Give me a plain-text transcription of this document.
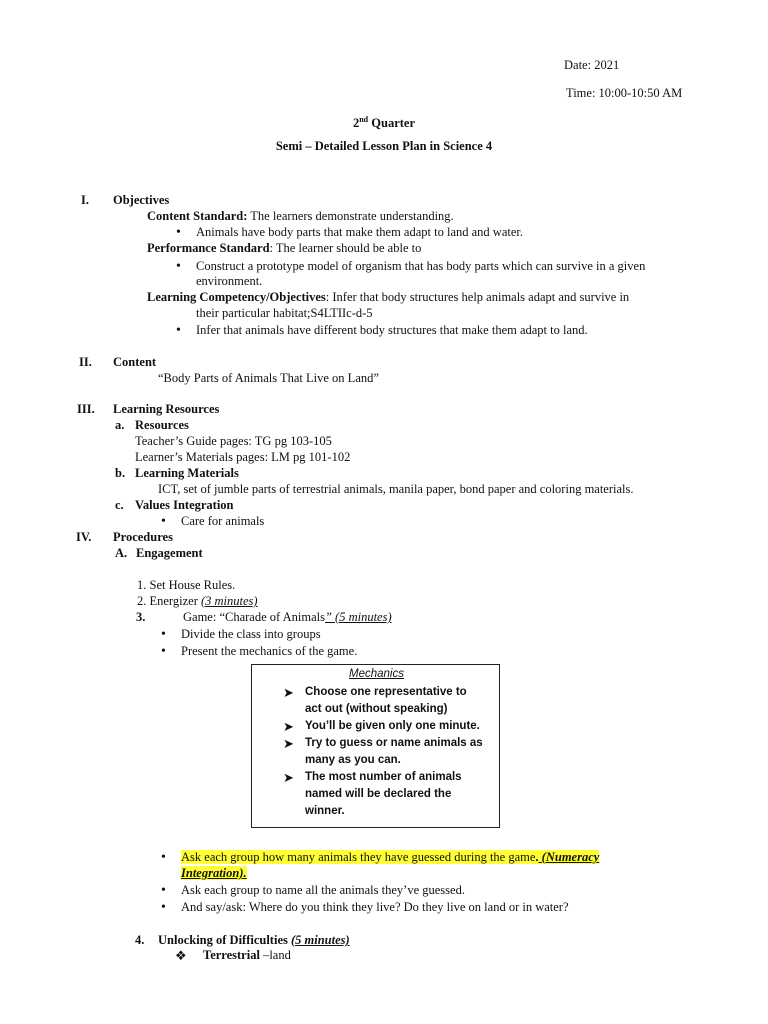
Date: 2021
Time: 10:00-10:50 AM
2nd Quarter
Semi – Detailed Lesson Plan in Science 4
I. Objectives
Content Standard: The learners demonstrate understanding.
• Animals have body parts that make them adapt to land and water.
Performance Standard: The learner should be able to
• Construct a prototype model of organism that has body parts which can survive in a given
environment.
Learning Competency/Objectives: Infer that body structures help animals adapt and survive in
their particular habitat;S4LTIIc-d-5
• Infer that animals have different body structures that make them adapt to land.
II. Content
“Body Parts of Animals That Live on Land”
III. Learning Resources
a. Resources
Teacher’s Guide pages: TG pg 103-105
Learner’s Materials pages: LM pg 101-102
b. Learning Materials
ICT, set of jumble parts of terrestrial animals, manila paper, bond paper and coloring materials.
c. Values Integration
• Care for animals
IV. Procedures
A. Engagement
1. Set House Rules.
2. Energizer (3 minutes)
3.	Game: “Charade of Animals” (5 minutes)
• Divide the class into groups
• Present the mechanics of the game.
Mechanics
➤ Choose one representative to
act out (without speaking)
➤ You’ll be given only one minute.
➤ Try to guess or name animals as
many as you can.
➤ The most number of animals
named will be declared the
winner.
• Ask each group how many animals they have guessed during the game. (Numeracy
Integration).
• Ask each group to name all the animals they’ve guessed.
• And say/ask: Where do you think they live? Do they live on land or in water?
4. Unlocking of Difficulties (5 minutes)
❖ Terrestrial –land
